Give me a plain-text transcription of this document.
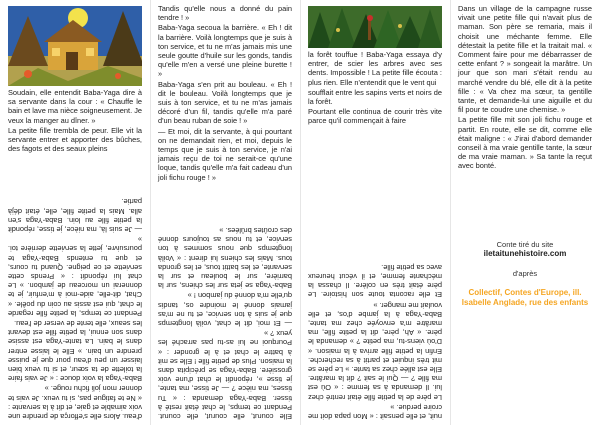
Soudain, elle entendit Baba-Yaga dire à sa servante dans la cour : « Chauffe le bain et lave ma nièce soigneusement. Je veux la manger au dîner. »

La petite fille trembla de peur. Elle vit la servante entrer et apporter des bûches, des fagots et des seaux pleins

d'eau. Alors elle s'efforça de prendre une voix aimable et gaie, et dit à la servante : « Ne te fatigue pas, si tu veux. Je vais te donner mon joli fichu rouge. »

Baba-Yaga la voix douce : « Je vais faire la toilette de ta sœur, et si tu veux bien laisser un peu d'eau pour que je puisse prendre un bain. » Elle le laisse entrer dans le bain. La tante-Yaga est assise dans son ennui, la petite fille est devant les seaux, elle tente de verser de l'eau.

Pendant ce temps, la petite fille regarde le chat, qui est assis au coin du poêle. « Chat, dit-elle, aide-moi à m'enfuir, je te donnerai un morceau de jambon. » Le chat lui répondit : « Prends cette serviette et ce peigne. Quand tu cours, et que tu entends Baba-Yaga te poursuivre, jette la serviette derrière toi. »

— Je suis là, ma nièce, je tisse, répondit la petite fille au loin. Baba-Yaga s'en alla. Mais la petite fille, elle, était déjà partie.

Tandis qu'elle nous a donné du pain tendre ! »

Baba-Yaga secoua la barrière. « Eh ! dit la barrière. Voilà longtemps que je suis à ton service, et tu ne m'as jamais mis une seule goutte d'huile sur les gonds, tandis qu'elle m'en a versé une pleine burette ! »

Baba-Yaga s'en prit au bouleau. « Eh ! dit le bouleau. Voilà longtemps que je suis à ton service, et tu ne m'as jamais décoré d'un fil, tandis qu'elle m'a paré d'un beau ruban de soie ! »

— Et moi, dit la servante, à qui pourtant on ne demandait rien, et moi, depuis le temps que je suis à ton service, je n'ai jamais reçu de toi ne serait-ce qu'une loque, tandis qu'elle m'a fait cadeau d'un joli fichu rouge ! »

Elle courut, elle courut, elle courut. Pendant ce temps, le chat était resté à tisser. Baba-Yaga demanda : « Tu tisses, ma nièce ? — Je tisse, ma tante, je tisse », répondit le chat d'une voix grossière. Baba-Yaga se précipita dans la maison. Plus de petite fille ! Elle se mit à battre le chat et à le gronder : « Pourquoi ne lui as-tu pas arraché les yeux ? »

— Et moi, dit le chat, voilà longtemps que je suis à ton service, et tu ne m'as jamais donné le moindre os, tandis qu'elle m'a donné du jambon ! »

Baba-Yaga se jeta sur les chiens, sur la barrière, sur le bouleau et sur la servante, et les battit tous, et les gronda tous. Mais les chiens lui dirent : « Voilà longtemps que nous sommes à ton service, et tu nous as toujours donné des croûtes brûlées. »

la forêt touffue ! Baba-Yaga essaya d'y entrer, de scier les arbres avec ses dents. Impossible ! La petite fille écouta : plus rien. Elle n'entendit que le vent qui

soufflait entre les sapins verts et noirs de la forêt.

Pourtant elle continua de courir très vite parce qu'il commençait à faire

nuit, et elle pensait : « Mon papa doit me croire perdue. »

Le père de la petite fille était rentré chez lui. Il demanda à sa femme : « Où est ma fille ? — Qui le sait ? dit la marâtre. Elle est allée chez sa tante. » Le père se mit très inquiet et partit à sa recherche. Enfin la petite fille arriva à la maison. « D'où viens-tu, ma petite ? » demanda le père. « Ah, père, dit la petite fille, ma marâtre m'a envoyée chez ma tante, Baba-Yaga à la jambe d'os, et elle voulait me manger. »

Et elle raconta toute son histoire. Le père était très en colère. Il chassa la méchante femme, et il vécut heureux avec sa petite fille.

Dans un village de la campagne russe vivait une petite fille qui n'avait plus de maman. Son père se remaria, mais il choisit une méchante femme. Elle détestait la petite fille et la traitait mal. « Comment faire pour me débarrasser de cette enfant ? » songeait la marâtre. Un jour que son mari s'était rendu au marché vendre du blé, elle dit à la petite fille : « Va chez ma sœur, ta gentille tante, et demande-lui une aiguille et du fil pour te coudre une chemise. »

La petite fille mit son joli fichu rouge et partit. En route, elle se dit, comme elle était maligne : « J'irai d'abord demander conseil à ma vraie gentille tante, la sœur de ma vraie maman. » Sa tante la reçut avec bonté.

Conte tiré du site
iletaitunehistoire.com
d'après
Collectif, Contes d'Europe, ill. Isabelle Anglade, rue des enfants
